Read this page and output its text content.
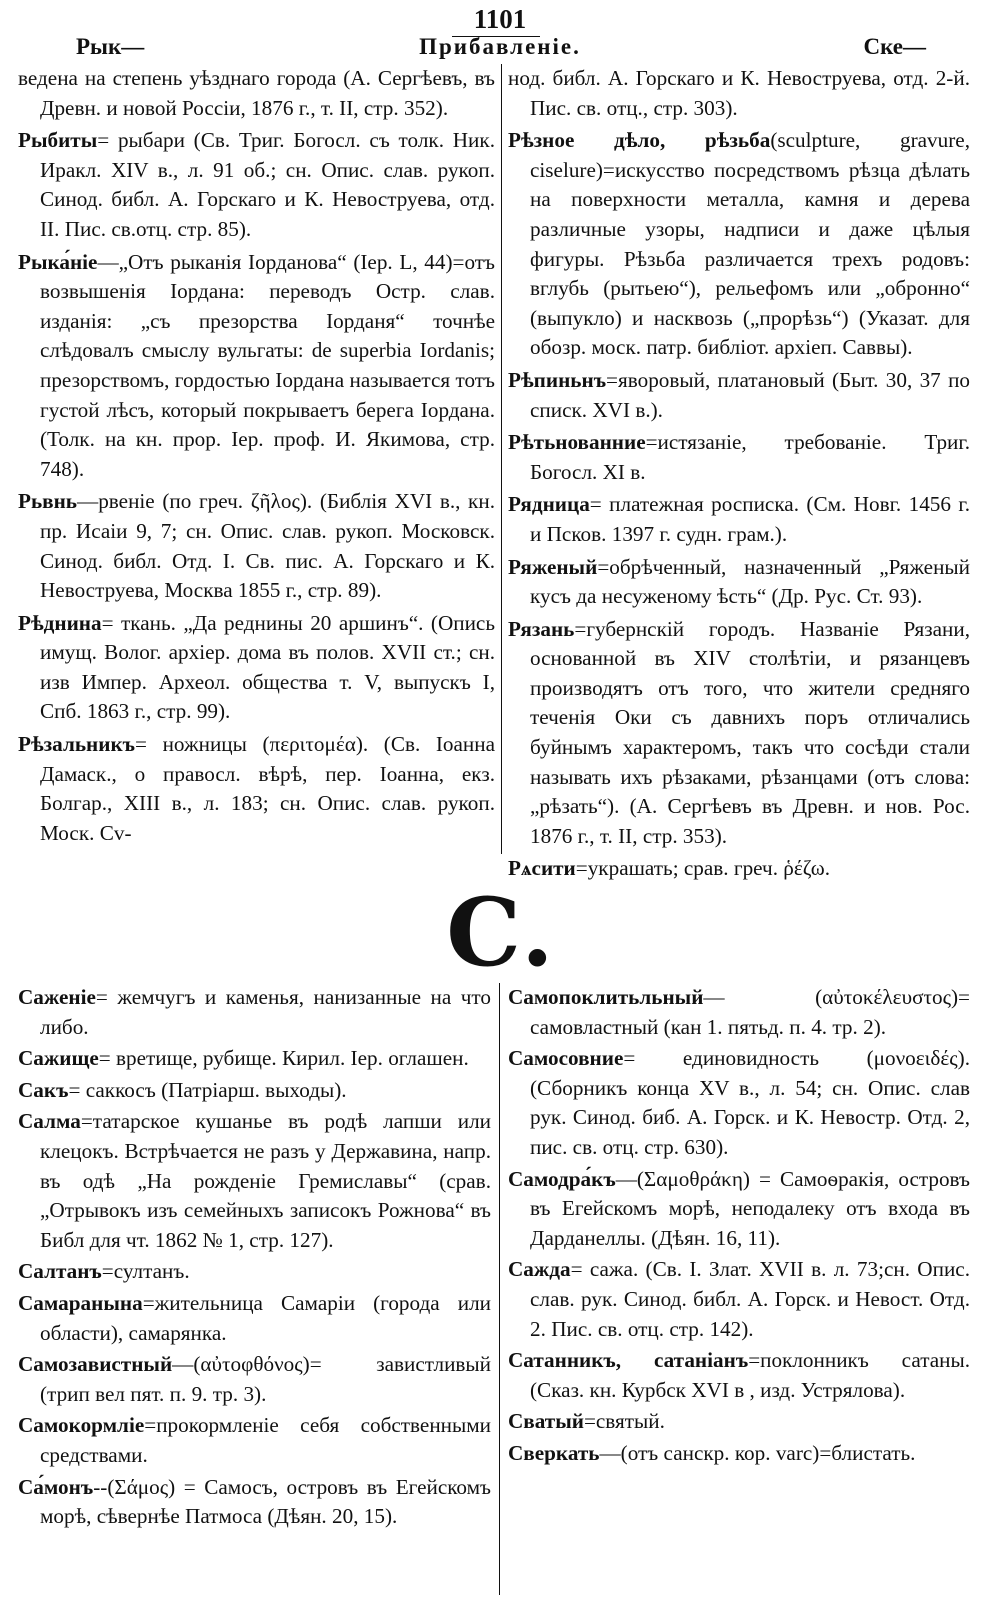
1101
Рык—	Прибавленіе.	Ске—

ведена на степень уѣзднаго города (А. Сергѣевъ, въ Древн. и новой Россіи, 1876 г., т. II, стр. 352).

Рыбиты= рыбари (Св. Триг. Богосл. съ толк. Ник. Иракл. XIV в., л. 91 об.; сн. Опис. слав. рукоп. Синод. библ. А. Горскаго и К. Невоструева, отд. II. Пис. св.отц. стр. 85).

Рыка́ніе—„Отъ рыканія Іорданова“ (Іер. L, 44)=отъ возвышенія Іордана: переводъ Остр. слав. изданія: „съ презорства Іорданя“ точнѣе слѣдовалъ смыслу вульгаты: de superbia Iordanis; презорствомъ, гордостью Іордана называется тотъ густой лѣсъ, который покрываетъ берега Іордана. (Толк. на кн. прор. Іер. проф. И. Якимова, стр. 748).

Рьвнь—рвеніе (по греч. ζῆλος). (Библія XVI в., кн. пр. Исаіи 9, 7; сн. Опис. слав. рукоп. Московск. Синод. библ. Отд. I. Св. пис. А. Горскаго и К. Невоструева, Москва 1855 г., стр. 89).

Рѣднина= ткань. „Да реднины 20 аршинъ“. (Опись имущ. Волог. архіер. дома въ полов. XVII ст.; сн. изв Импер. Археол. общества т. V, выпускъ I, Спб. 1863 г., стр. 99).

Рѣзальникъ= ножницы (περιτομέα). (Св. Іоанна Дамаск., о правосл. вѣрѣ, пер. Іоанна, екз. Болгар., XIII в., л. 183; сн. Опис. слав. рукоп. Моск. Сv-

нод. библ. А. Горскаго и К. Невоструева, отд. 2-й. Пис. св. отц., стр. 303).

Рѣзное дѣло, рѣзьба(sculpture, gravure, ciselure)=искусство посредствомъ рѣзца дѣлать на поверхности металла, камня и дерева различные узоры, надписи и даже цѣлыя фигуры. Рѣзьба различается трехъ родовъ: вглубь (рытьею“), рельефомъ или „обронно“ (выпукло) и насквозь („прорѣзь“) (Указат. для обозр. моск. патр. библіот. архіеп. Саввы).

Рѣпиньнъ=яворовый, платановый (Быт. 30, 37 по списк. XVI в.).

Рѣтьнованние=истязаніе, требованіе. Триг. Богосл. XI в.

Рядница= платежная росписка. (См. Новг. 1456 г. и Псков. 1397 г. судн. грам.).

Ряженый=обрѣченный, назначенный „Ряженый кусъ да несуженому ѣсть“ (Др. Рус. Ст. 93).

Рязань=губернскій городъ. Названіе Рязани, основанной въ XIV столѣтіи, и рязанцевъ производятъ отъ того, что жители средняго теченія Оки съ давнихъ поръ отличались буйнымъ характеромъ, такъ что сосѣди стали называть ихъ рѣзаками, рѣзанцами (отъ слова: „рѣзать“). (А. Сергѣевъ въ Древн. и нов. Рос. 1876 г., т. II, стр. 353).

Рѧсити=украшать; срав. греч. ῥέζω.

С.

Саженіе= жемчугъ и каменья, нанизанные на что либо.

Сажище= вретище, рубище. Кирил. Іер. оглашен.

Сакъ= саккосъ (Патріарш. выходы).

Салма=татарское кушанье въ родѣ лапши или клецокъ. Встрѣчается не разъ у Державина, напр. въ одѣ „На рожденіе Гремиславы“ (срав. „Отрывокъ изъ семейныхъ записокъ Рожнова“ въ Библ для чт. 1862 № 1, стр. 127).

Салтанъ=султанъ.

Самаранына=жительница Самаріи (города или области), самарянка.

Самозавистный—(αὐτοφθόνος)= завистливый (трип вел пят. п. 9. тр. 3).

Самокормліе=прокормленіе себя собственными средствами.

Са́монъ--(Σάμος) = Самосъ, островъ въ Егейскомъ морѣ, сѣвернѣе Патмоса (Дѣян. 20, 15).

Самопоклитьльный— (αὐτοκέλευστος)= самовластный (кан 1. пятьд. п. 4. тр. 2).

Самосовние= единовидность (μονοειδές). (Сборникъ конца XV в., л. 54; сн. Опис. слав рук. Синод. биб. А. Горск. и К. Невостр. Отд. 2, пис. св. отц. стр. 630).

Самодра́къ—(Σαμοθράκη) = Самоѳракія, островъ въ Егейскомъ морѣ, неподалеку отъ входа въ Дарданеллы. (Дѣян. 16, 11).

Сажда= сажа. (Св. І. Злат. XVII в. л. 73;сн. Опис. слав. рук. Синод. библ. А. Горск. и Невост. Отд. 2. Пис. св. отц. стр. 142).

Сатанникъ, сатаніанъ=поклонникъ сатаны. (Сказ. кн. Курбск XVI в , изд. Устрялова).

Сватый=святый.

Сверкать—(отъ санскр. кор. varc)=блистать.
